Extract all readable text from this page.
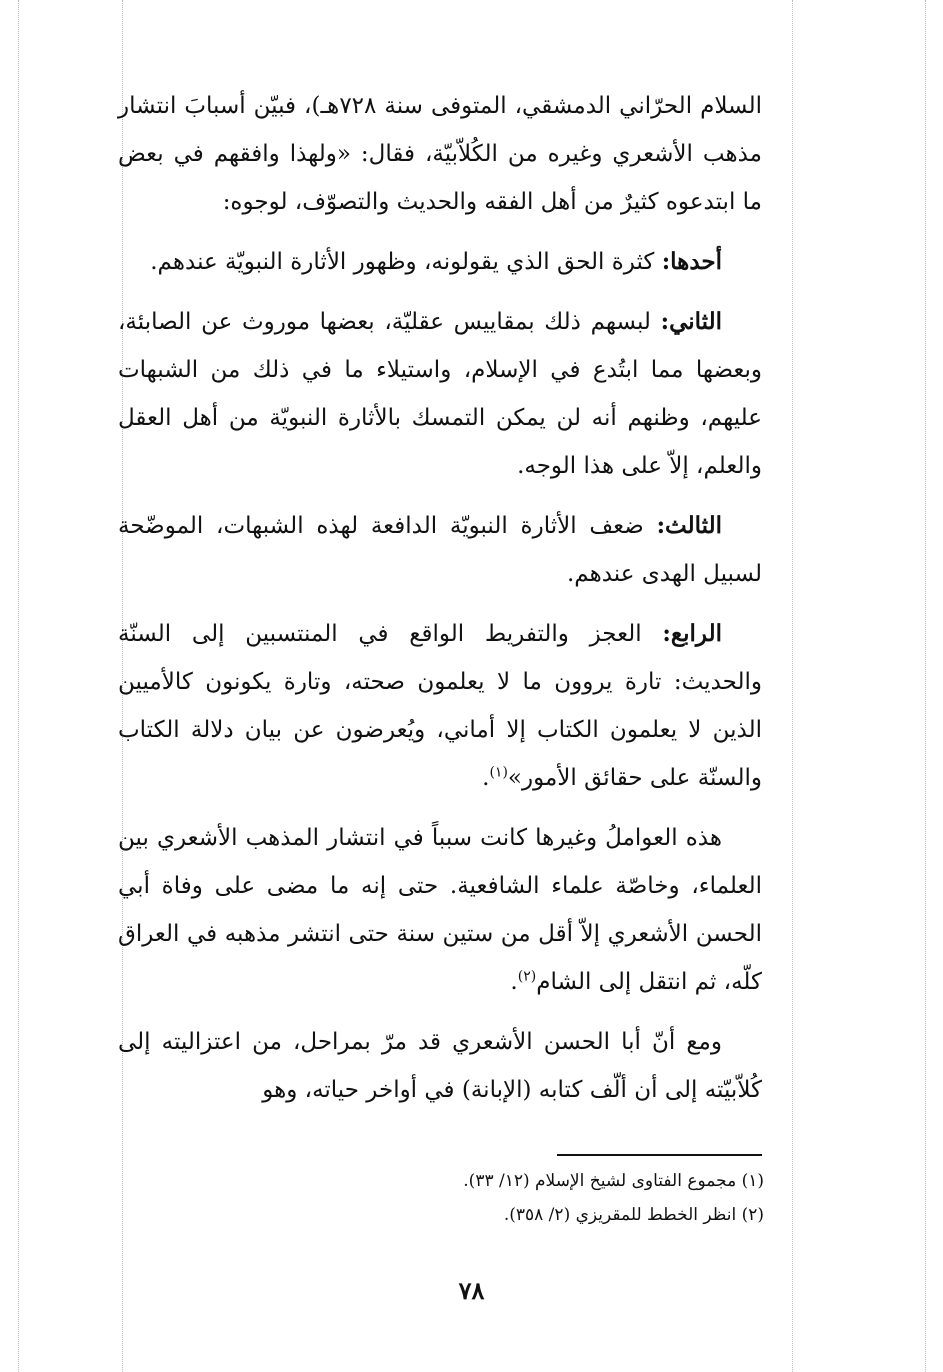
السلام الحرّاني الدمشقي، المتوفى سنة ٧٢٨هـ)، فبيّن أسبابَ انتشار مذهب الأشعري وغيره من الكُلاّبيّة، فقال: «ولهذا وافقهم في بعض ما ابتدعوه كثيرٌ من أهل الفقه والحديث والتصوّف، لوجوه:

أحدها: كثرة الحق الذي يقولونه، وظهور الأثارة النبويّة عندهم.

الثاني: لبسهم ذلك بمقاييس عقليّة، بعضها موروث عن الصابئة، وبعضها مما ابتُدع في الإسلام، واستيلاء ما في ذلك من الشبهات عليهم، وظنهم أنه لن يمكن التمسك بالأثارة النبويّة من أهل العقل والعلم، إلاّ على هذا الوجه.

الثالث: ضعف الأثارة النبويّة الدافعة لهذه الشبهات، الموضّحة لسبيل الهدى عندهم.

الرابع: العجز والتفريط الواقع في المنتسبين إلى السنّة والحديث: تارة يروون ما لا يعلمون صحته، وتارة يكونون كالأميين الذين لا يعلمون الكتاب إلا أماني، ويُعرضون عن بيان دلالة الكتاب والسنّة على حقائق الأمور»$^{(١)}$.

هذه العواملُ وغيرها كانت سبباً في انتشار المذهب الأشعري بين العلماء، وخاصّة علماء الشافعية. حتى إنه ما مضى على وفاة أبي الحسن الأشعري إلاّ أقل من ستين سنة حتى انتشر مذهبه في العراق كلّه، ثم انتقل إلى الشام$^{(٢)}$.

ومع أنّ أبا الحسن الأشعري قد مرّ بمراحل، من اعتزاليته إلى كُلاّبيّته إلى أن ألّف كتابه (الإبانة) في أواخر حياته، وهو

(١) مجموع الفتاوى لشيخ الإسلام (١٢/ ٣٣).

(٢) انظر الخطط للمقريزي (٢/ ٣٥٨).

٧٨
